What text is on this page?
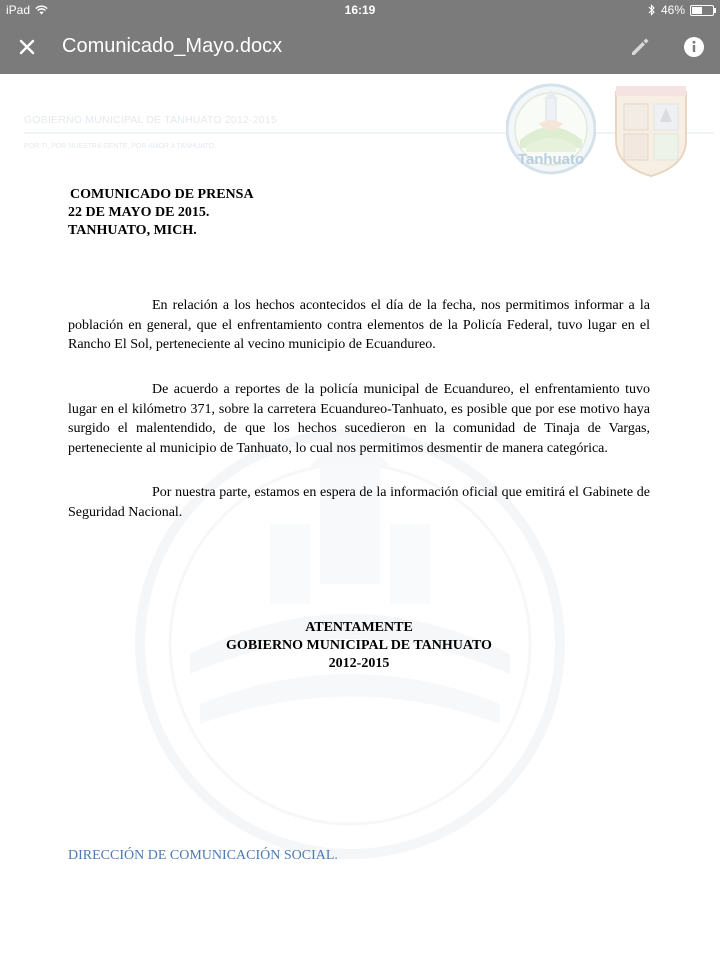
iPad	16:19	46%
Comunicado_Mayo.docx
GOBIERNO MUNICIPAL DE TANHUATO 2012-2015
POR TI, POR NUESTRA GENTE, POR AMOR A TANHUATO.
Tanhuato
COMUNICADO DE PRENSA
22 DE MAYO DE 2015.
TANHUATO, MICH.
En relación a los hechos acontecidos el día de la fecha, nos permitimos informar a la población en general, que el enfrentamiento contra elementos de la Policía Federal, tuvo lugar en el Rancho El Sol, perteneciente al vecino municipio de Ecuandureo.
De acuerdo a reportes de la policía municipal de Ecuandureo, el enfrentamiento tuvo lugar en el kilómetro 371, sobre la carretera Ecuandureo-Tanhuato, es posible que por ese motivo haya surgido el malentendido, de que los hechos sucedieron en la comunidad de Tinaja de Vargas, perteneciente al municipio de Tanhuato, lo cual nos permitimos desmentir de manera categórica.
Por nuestra parte, estamos en espera de la información oficial que emitirá el Gabinete de Seguridad Nacional.
ATENTAMENTE
GOBIERNO MUNICIPAL DE TANHUATO
2012-2015
DIRECCIÓN DE COMUNICACIÓN SOCIAL.
